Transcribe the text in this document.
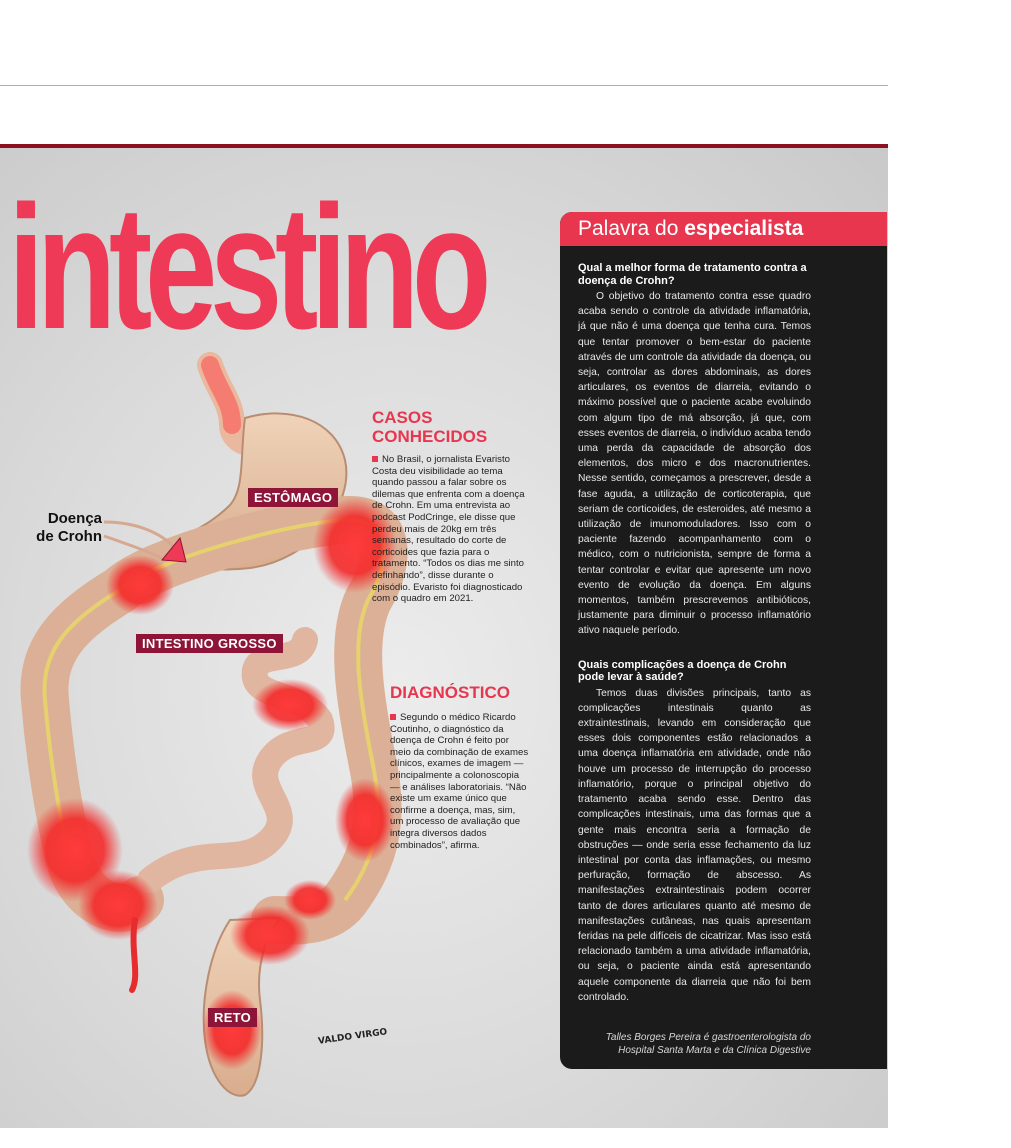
intestino
Doença
de Crohn
ESTÔMAGO
INTESTINO GROSSO
RETO
CASOS
CONHECIDOS
No Brasil, o jornalista Evaristo Costa deu visibilidade ao tema quando passou a falar sobre os dilemas que enfrenta com a doença de Crohn. Em uma entrevista ao podcast PodCringe, ele disse que perdeu mais de 20kg em três semanas, resultado do corte de corticoides que fazia para o tratamento. “Todos os dias me sinto definhando”, disse durante o episódio. Evaristo foi diagnosticado com o quadro em 2021.
DIAGNÓSTICO
Segundo o médico Ricardo Coutinho, o diagnóstico da doença de Crohn é feito por meio da combinação de exames clínicos, exames de imagem — principalmente a colonoscopia — e análises laboratoriais. “Não existe um exame único que confirme a doença, mas, sim, um processo de avaliação que integra diversos dados combinados”, afirma.
VALDO VIRGO
Palavra do especialista
Qual a melhor forma de tratamento contra a doença de Crohn?
O objetivo do tratamento contra esse quadro acaba sendo o controle da atividade inflamatória, já que não é uma doença que tenha cura. Temos que tentar promover o bem-estar do paciente através de um controle da atividade da doença, ou seja, controlar as dores abdominais, as dores articulares, os eventos de diarreia, evitando o máximo possível que o paciente acabe evoluindo com algum tipo de má absorção, já que, com esses eventos de diarreia, o indivíduo acaba tendo uma perda da capacidade de absorção dos elementos, dos micro e dos macronutrientes. Nesse sentido, começamos a prescrever, desde a fase aguda, a utilização de corticoterapia, que seriam de corticoides, de esteroides, até mesmo a utilização de imunomoduladores. Isso com o paciente fazendo acompanhamento com o médico, com o nutricionista, sempre de forma a tentar controlar e evitar que apresente um novo evento de evolução da doença. Em alguns momentos, também prescrevemos antibióticos, justamente para diminuir o processo inflamatório ativo naquele período.
Quais complicações a doença de Crohn pode levar à saúde?
Temos duas divisões principais, tanto as complicações intestinais quanto as extraintestinais, levando em consideração que esses dois componentes estão relacionados a uma doença inflamatória em atividade, onde não houve um processo de interrupção do processo inflamatório, porque o principal objetivo do tratamento acaba sendo esse. Dentro das complicações intestinais, uma das formas que a gente mais encontra seria a formação de obstruções — onde seria esse fechamento da luz intestinal por conta das inflamações, ou mesmo perfuração, formação de abscesso. As manifestações extraintestinais podem ocorrer tanto de dores articulares quanto até mesmo de manifestações cutâneas, nas quais apresentam feridas na pele difíceis de cicatrizar. Mas isso está relacionado também a uma atividade inflamatória, ou seja, o paciente ainda está apresentando aquele componente da diarreia que não foi bem controlado.
Talles Borges Pereira é gastroenterologista do
Hospital Santa Marta e da Clínica Digestive
